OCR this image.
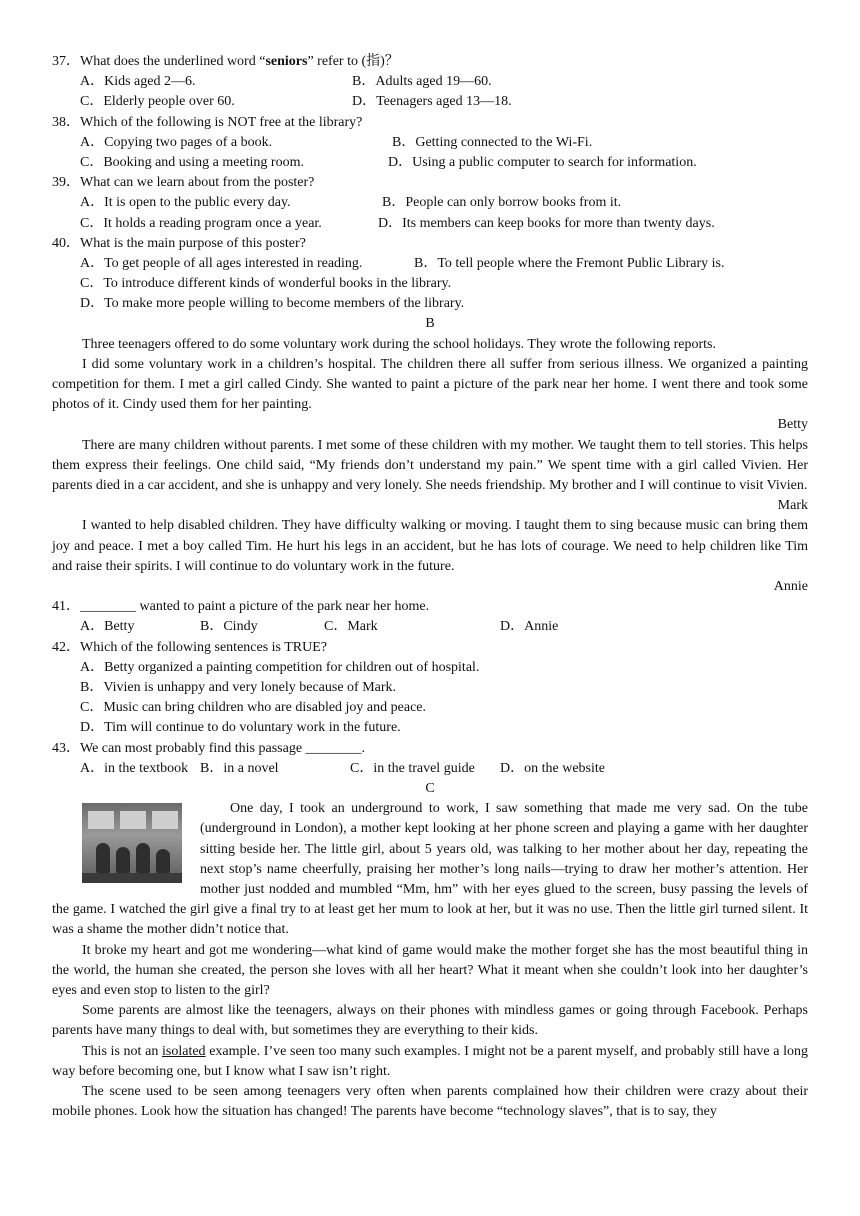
37．What does the underlined word “seniors” refer to (指)？
A．Kids aged 2—6.	B．Adults aged 19—60.
C．Elderly people over 60.	D．Teenagers aged 13—18.
38．Which of the following is NOT free at the library?
A．Copying two pages of a book.	B．Getting connected to the Wi-Fi.
C．Booking and using a meeting room.	D．Using a public computer to search for information.
39．What can we learn about from the poster?
A．It is open to the public every day.	B．People can only borrow books from it.
C．It holds a reading program once a year.	D．Its members can keep books for more than twenty days.
40．What is the main purpose of this poster?
A．To get people of all ages interested in reading.	B．To tell people where the Fremont Public Library is.
C．To introduce different kinds of wonderful books in the library.
D．To make more people willing to become members of the library.
B
Three teenagers offered to do some voluntary work during the school holidays. They wrote the following reports.
I did some voluntary work in a children’s hospital. The children there all suffer from serious illness. We organized a painting competition for them. I met a girl called Cindy. She wanted to paint a picture of the park near her home. I went there and took some photos of it. Cindy used them for her painting.
Betty
There are many children without parents. I met some of these children with my mother. We taught them to tell stories. This helps them express their feelings. One child said, “My friends don’t understand my pain.” We spent time with a girl called Vivien. Her parents died in a car accident, and she is unhappy and very lonely. She needs friendship. My brother and I will continue to visit Vivien.
Mark
I wanted to help disabled children. They have difficulty walking or moving. I taught them to sing because music can bring them joy and peace. I met a boy called Tim. He hurt his legs in an accident, but he has lots of courage. We need to help children like Tim and raise their spirits. I will continue to do voluntary work in the future.
Annie
41．________ wanted to paint a picture of the park near her home.
A．Betty	B．Cindy	C．Mark	D．Annie
42．Which of the following sentences is TRUE?
A．Betty organized a painting competition for children out of hospital.
B．Vivien is unhappy and very lonely because of Mark.
C．Music can bring children who are disabled joy and peace.
D．Tim will continue to do voluntary work in the future.
43．We can most probably find this passage ________.
A．in the textbook B．in a novel	C．in the travel guide D．on the website
C
One day, I took an underground to work, I saw something that made me very sad. On the tube (underground in London), a mother kept looking at her phone screen and playing a game with her daughter sitting beside her. The little girl, about 5 years old, was talking to her mother about her day, repeating the next stop’s name cheerfully, praising her mother’s long nails—trying to draw her mother’s attention. Her mother just nodded and mumbled “Mm, hm” with her eyes glued to the screen, busy passing the levels of the game. I watched the girl give a final try to at least get her mum to look at her, but it was no use. Then the little girl turned silent. It was a shame the mother didn’t notice that.
It broke my heart and got me wondering—what kind of game would make the mother forget she has the most beautiful thing in the world, the human she created, the person she loves with all her heart? What it meant when she couldn’t look into her daughter’s eyes and even stop to listen to the girl?
Some parents are almost like the teenagers, always on their phones with mindless games or going through Facebook. Perhaps parents have many things to deal with, but sometimes they are everything to their kids.
This is not an isolated example. I’ve seen too many such examples. I might not be a parent myself, and probably still have a long way before becoming one, but I know what I saw isn’t right.
The scene used to be seen among teenagers very often when parents complained how their children were crazy about their mobile phones. Look how the situation has changed! The parents have become “technology slaves”, that is to say, they
